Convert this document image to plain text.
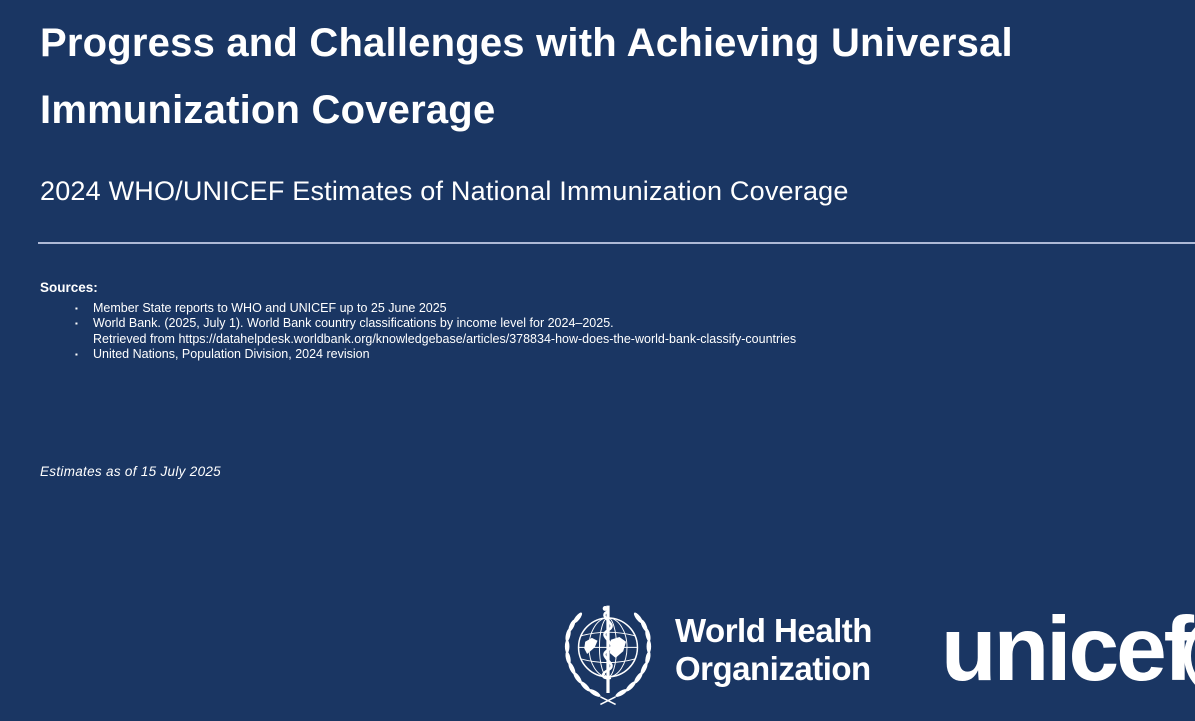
Progress and Challenges with Achieving Universal Immunization Coverage
2024 WHO/UNICEF Estimates of National Immunization Coverage
Sources:
▪	Member State reports to WHO and UNICEF up to 25 June 2025
▪	World Bank. (2025, July 1). World Bank country classifications by income level for 2024–2025.
Retrieved from https://datahelpdesk.worldbank.org/knowledgebase/articles/378834-how-does-the-world-bank-classify-countries
▪	United Nations, Population Division, 2024 revision
Estimates as of 15 July 2025
World Health
Organization unicef
